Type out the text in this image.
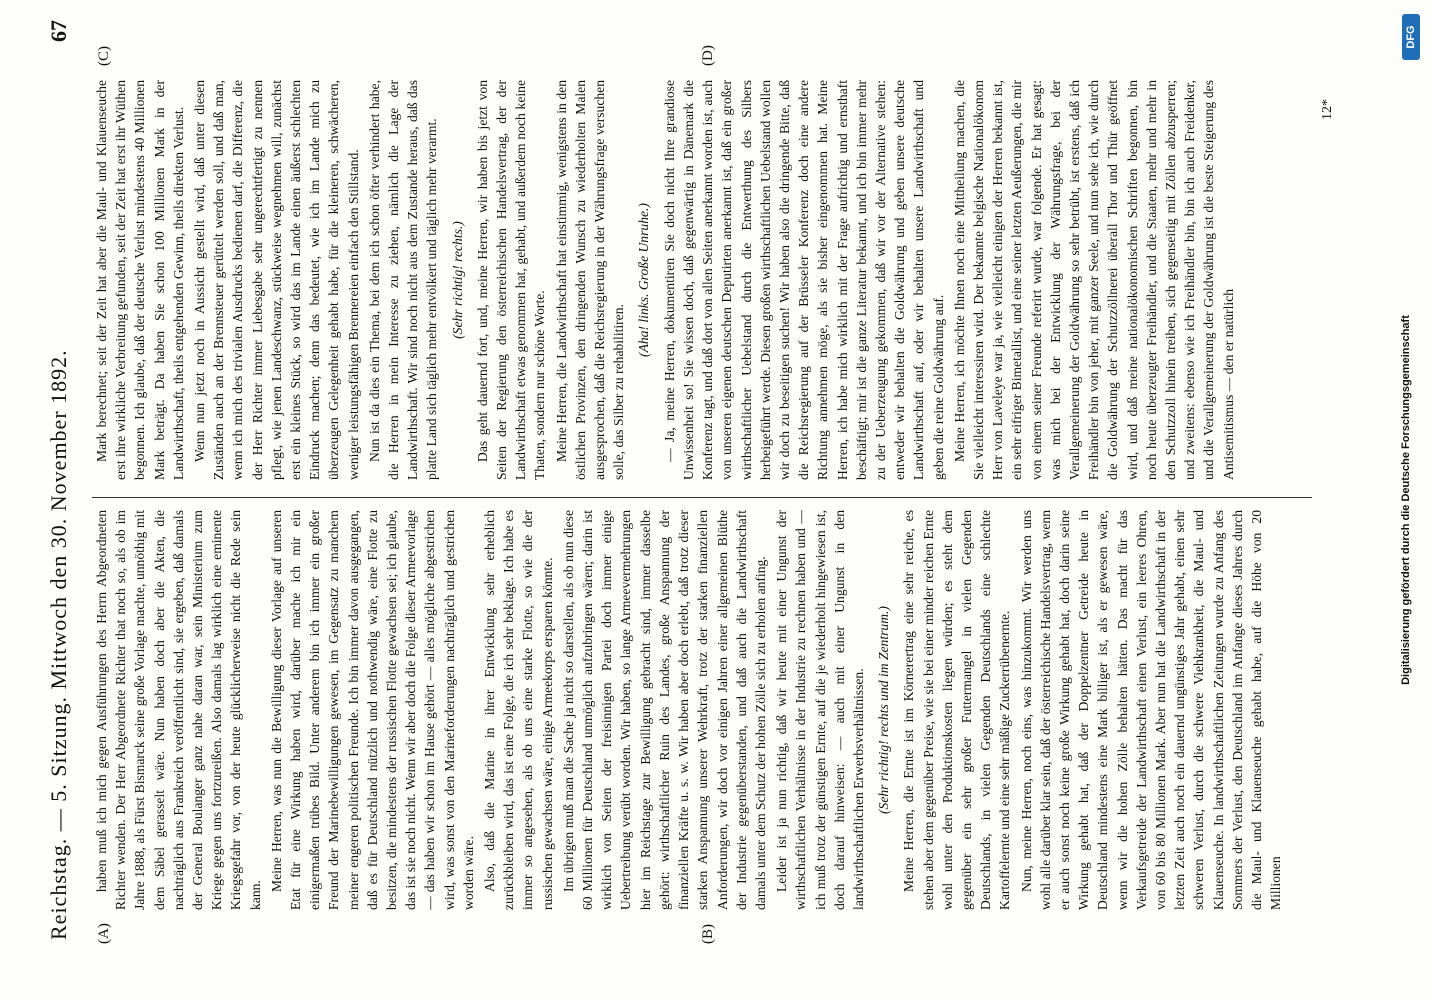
Reichstag. — 5. Sitzung. Mittwoch den 30. November 1892.
67
(A)	(B)
(C)	(D)

haben muß ich mich gegen Ausführungen des Herrn Abgeordneten Richter wenden. Der Herr Abgeordnete Richter that noch so, als ob im Jahre 1888, als Fürst Bismarck seine große Vorlage machte, unnöthig mit dem Säbel gerasselt wäre. Nun haben doch aber die Akten, die nachträglich aus Frankreich veröffentlicht sind, sie ergeben, daß damals der General Boulanger ganz nahe daran war, sein Ministerium zum Kriege gegen uns fortzureißen. Also damals lag wirklich eine eminente Kriegsgefahr vor, von der heute glücklicherweise nicht die Rede sein kann.

Meine Herren, was nun die Bewilligung dieser Vorlage auf unseren Etat für eine Wirkung haben wird, darüber mache ich mir ein einigermaßen trübes Bild. Unter anderem bin ich immer ein großer Freund der Marinebewilligungen gewesen, im Gegensatz zu manchem meiner engeren politischen Freunde. Ich bin immer davon ausgegangen, daß es für Deutschland nützlich und nothwendig wäre, eine Flotte zu besitzen, die mindestens der russischen Flotte gewachsen sei; ich glaube, das ist sie noch nicht. Wenn wir aber doch die Folge dieser Armeevorlage — das haben wir schon im Hause gehört — alles mögliche abgestrichen wird, was sonst von den Marineforderungen nachträglich und gestrichen worden wäre. Also, daß die Marine in ihrer Entwicklung sehr erheblich zurückbleiben wird, das ist eine Folge, die ich sehr beklage. Ich habe es immer so angesehen, als ob uns eine starke Flotte, so wie die der russischen gewachsen wäre, einige Armeekorps ersparen könnte. Im übrigen muß man die Sache ja nicht so darstellen, als ob nun diese 60 Millionen für Deutschland unmöglich aufzubringen wären; darin ist wirklich von Seiten der freisinnigen Partei doch immer einige Uebertreibung verübt worden. Wir haben, so lange Armeevermehrungen hier im Reichstage zur Bewilligung gebracht sind, immer dasselbe gehört: wirthschaftlicher Ruin des Landes, große Anspannung der finanziellen Kräfte u. s. w. Wir haben aber doch erlebt, daß trotz dieser starken Anspannung unserer Wehrkraft, trotz der starken finanziellen Anforderungen, wir doch vor einigen Jahren einer allgemeinen Blüthe der Industrie gegenüberstanden, und daß auch die Landwirthschaft damals unter dem Schutz der hohen Zölle sich zu erholen anfing. Leider ist ja nun richtig, daß wir heute mit einer Ungunst der wirthschaftlichen Verhältnisse in der Industrie zu rechnen haben und — ich muß trotz der günstigen Ernte, auf die je wiederholt hingewiesen ist, doch darauf hinweisen: — auch mit einer Ungunst in den landwirthschaftlichen Erwerbsverhältnissen. (Sehr richtig! rechts und im Zentrum.) Meine Herren, die Ernte ist im Körnerertrag eine sehr reiche, es stehen aber dem gegenüber Preise, wie sie bei einer minder reichen Ernte wohl unter den Produktionskosten liegen würden; es steht dem gegenüber ein sehr großer Futtermangel in vielen Gegenden Deutschlands, in vielen Gegenden Deutschlands eine schlechte Kartoffelernte und eine sehr mäßige Zuckerrübenernte. Nun, meine Herren, noch eins, was hinzukommt. Wir werden uns wohl alle darüber klar sein, daß der österreichische Handelsvertrag, wenn er auch sonst noch keine große Wirkung gehabt hat, doch darin seine Wirkung gehabt hat, daß der Doppelzentner Getreide heute in Deutschland mindestens eine Mark billiger ist, als er gewesen wäre, wenn wir die hohen Zölle behalten hätten. Das macht für das Verkaufsgetreide der Landwirthschaft einen Verlust, ein leeres Ohren, von 60 bis 80 Millionen Mark. Aber nun hat die Landwirthschaft in der letzten Zeit auch noch ein dauernd ungünstiges Jahr gehabt, einen sehr schweren Verlust, durch die schwere Viehkrankheit, die Maul- und Klauenseuche. In landwirthschaftlichen Zeitungen wurde zu Anfang des Sommers der Verlust, den Deutschland im Anfange dieses Jahres durch die Maul- und Klauenseuche gehabt habe, auf die Höhe von 20 Millionen

Mark berechnet; seit der Zeit hat aber die Maul- und Klauenseuche erst ihre wirkliche Verbreitung gefunden, seit der Zeit hat erst ihr Wüthen begonnen. Ich glaube, daß der deutsche Verlust mindestens 40 Millionen Mark beträgt. Da haben Sie schon 100 Millionen Mark in der Landwirthschaft, theils entgehenden Gewinn, theils direkten Verlust. Wenn nun jetzt noch in Aussicht gestellt wird, daß unter diesen Zuständen auch an der Brennsteuer gerüttelt werden soll, und daß man, wenn ich mich des trivialen Ausdrucks bedienen darf, die Differenz, die der Herr Richter immer Liebesgabe sehr ungerechtfertigt zu nennen pflegt, wie jenen Landeschwanz, stückweise wegnehmen will, zunächst erst ein kleines Stück, so wird das im Lande einen äußerst schlechten Eindruck machen; denn das bedeutet, wie ich im Lande mich zu überzeugen Gelegenheit gehabt habe, für die kleineren, schwächeren, weniger leistungsfähigen Brennereien einfach den Stillstand. Nun ist da dies ein Thema, bei dem ich schon öfter verhindert habe, die Herren in mein Interesse zu ziehen, nämlich die Lage der Landwirthschaft. Wir sind noch nicht aus dem Zustande heraus, daß das platte Land sich täglich mehr entvölkert und täglich mehr verarmt. (Sehr richtig! rechts.) Das geht dauernd fort, und, meine Herren, wir haben bis jetzt von Seiten der Regierung den österreichischen Handelsvertrag, der der Landwirthschaft etwas genommen hat, gehabt, und außerdem noch keine Thaten, sondern nur schöne Worte. Meine Herren, die Landwirthschaft hat einstimmig, wenigstens in den östlichen Provinzen, den dringenden Wunsch zu wiederholten Malen ausgesprochen, daß die Reichsregierung in der Währungsfrage versuchen solle, das Silber zu rehabilitiren.

(Aha! links. Große Unruhe.) — Ja, meine Herren, dokumentiren Sie doch nicht Ihre grandiose Unwissenheit so! Sie wissen doch, daß gegenwärtig in Dänemark die Konferenz tagt, und daß dort von allen Seiten anerkannt worden ist, auch von unseren eigenen deutschen Deputirten anerkannt ist, daß ein großer wirthschaftlicher Uebelstand durch die Entwerthung des Silbers herbeigeführt werde. Diesen großen wirthschaftlichen Uebelstand wollen wir doch zu beseitigen suchen! Wir haben also die dringende Bitte, daß die Reichsregierung auf der Brüsseler Konferenz doch eine andere Richtung annehmen möge, als sie bisher eingenommen hat. Meine Herren, ich habe mich wirklich mit der Frage aufrichtig und ernsthaft beschäftigt; mir ist die ganze Literatur bekannt, und ich bin immer mehr zu der Ueberzeugung gekommen, daß wir vor der Alternative stehen: entweder wir behalten die Goldwährung und geben unsere deutsche Landwirthschaft auf, oder wir behalten unsere Landwirthschaft und geben die reine Goldwährung auf. Meine Herren, ich möchte Ihnen noch eine Mittheilung machen, die Sie vielleicht interessiren wird. Der bekannte belgische Nationalökonom Herr von Laveleye war ja, wie vielleicht einigen der Herren bekannt ist, ein sehr eifriger Bimetallist, und eine seiner letzten Aeußerungen, die mir von einem seiner Freunde referirt wurde, war folgende. Er hat gesagt: was mich bei der Entwicklung der Währungsfrage, bei der Verallgemeinerung der Goldwährung so sehr betrübt, ist erstens, daß ich Freihändler bin von jeher, mit ganzer Seele, und nun sehe ich, wie durch die Goldwährung der Schutzzöllnerei überall Thor und Thür geöffnet wird, und daß meine nationalökonomischen Schriften begonnen, bin noch heute überzeugter Freihändler, und die Staaten, mehr und mehr in den Schutzzoll hinein treiben, sich gegenseitig mit Zöllen abzusperren; und zweitens: ebenso wie ich Freihändler bin, bin ich auch Freidenker, und die Verallgemeinerung der Goldwährung ist die beste Steigerung des Antisemitismus — den er natürlich

12*
Digitalisierung gefördert durch die Deutsche Forschungsgemeinschaft
DFG
